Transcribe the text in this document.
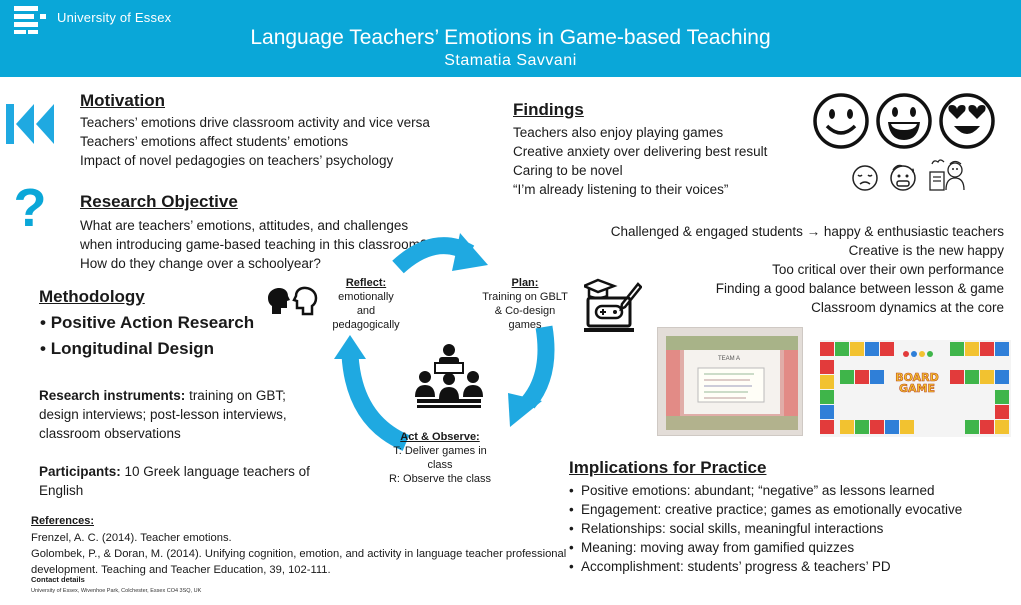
University of Essex
Language Teachers’ Emotions in Game-based Teaching
Stamatia Savvani
?
Motivation
Teachers’ emotions drive classroom activity and vice versa
Teachers’ emotions affect students’ emotions
Impact of novel pedagogies on teachers’ psychology
Research Objective
What are teachers’ emotions, attitudes, and challenges
when introducing game-based teaching in this classroom?
How do they change over a schoolyear?
Methodology
• Positive Action Research
• Longitudinal Design
Research instruments: training on GBT; design interviews; post-lesson interviews, classroom observations
Participants: 10 Greek language teachers of English
Reflect:
emotionally
and
pedagogically
Plan:
Training on GBLT
& Co-design
games
Act & Observe:
T: Deliver games in class
R: Observe the class
Findings
Teachers also enjoy playing games
Creative anxiety over delivering best result
Caring to be novel
“I’m already listening to their voices”
Challenged & engaged students → happy & enthusiastic teachers
Creative is the new happy
Too critical over their own performance
Finding a good balance between lesson & game
Classroom dynamics at the core
TEAM A
BOARD GAME
Implications for Practice
• Positive emotions: abundant; “negative” as lessons learned
• Engagement: creative practice; games as emotionally evocative
• Relationships: social skills, meaningful interactions
• Meaning: moving away from gamified quizzes
• Accomplishment: students’ progress & teachers’ PD
References:
Frenzel, A. C. (2014). Teacher emotions.
Golombek, P., & Doran, M. (2014). Unifying cognition, emotion, and activity in language teacher professional development. Teaching and Teacher Education, 39, 102-111.
Contact details
University of Essex, Wivenhoe Park, Colchester, Essex CO4 3SQ, UK
